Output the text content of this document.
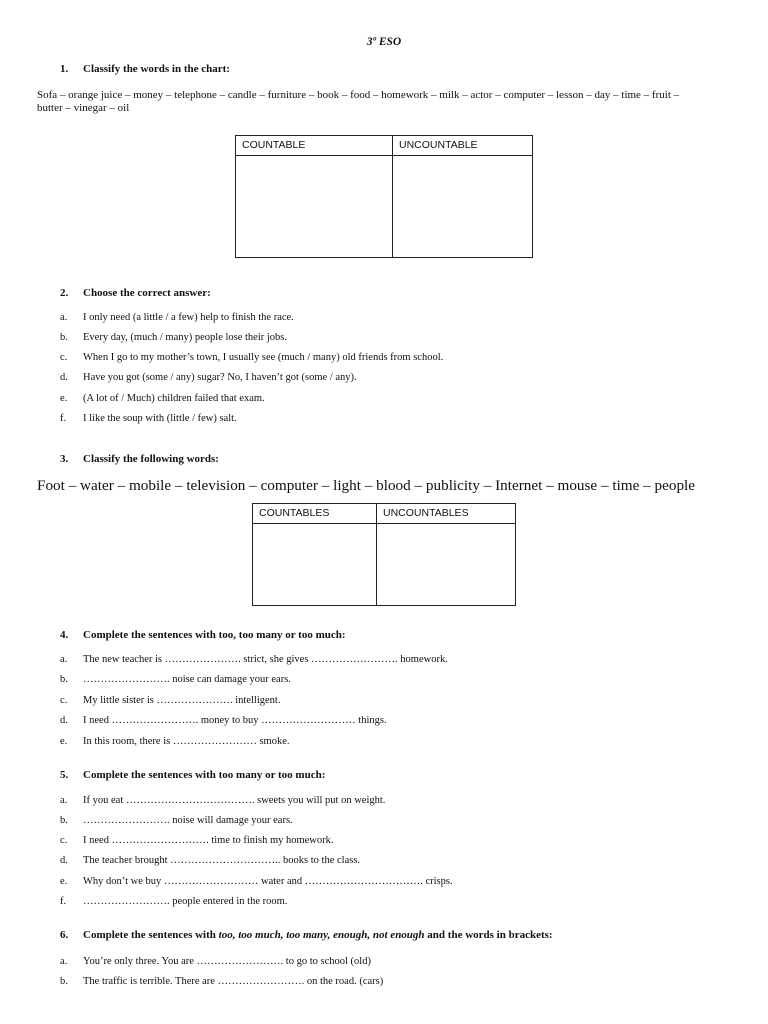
3º ESO
1. Classify the words in the chart:
Sofa – orange juice – money – telephone – candle – furniture – book – food – homework – milk – actor – computer – lesson – day – time – fruit –
butter – vinegar – oil
COUNTABLE	UNCOUNTABLE

2. Choose the correct answer:
a. I only need (a little / a few) help to finish the race.
b. Every day, (much / many) people lose their jobs.
c. When I go to my mother’s town, I usually see (much / many) old friends from school.
d. Have you got (some / any) sugar? No, I haven’t got (some / any).
e. (A lot of / Much) children failed that exam.
f. I like the soup with (little / few) salt.
3. Classify the following words:
Foot – water – mobile – television – computer – light – blood – publicity – Internet – mouse – time – people
COUNTABLES	UNCOUNTABLES

4. Complete the sentences with too, too many or too much:
a. The new teacher is …………………. strict, she gives ……………………. homework.
b. ……………………. noise can damage your ears.
c. My little sister is …………………. intelligent.
d. I need ……………………. money to buy ……………………… things.
e. In this room, there is …………………… smoke.
5. Complete the sentences with too many or too much:
a. If you eat ………………………………. sweets you will put on weight.
b. ……………………. noise will damage your ears.
c. I need ………………………. time to finish my homework.
d. The teacher brought ………………………….. books to the class.
e. Why don’t we buy ……………………… water and ……………………………. crisps.
f. ……………………. people entered in the room.
6. Complete the sentences with too, too much, too many, enough, not enough and the words in brackets:
a. You’re only three. You are ……………………. to go to school (old)
b. The traffic is terrible. There are ……………………. on the road. (cars)
